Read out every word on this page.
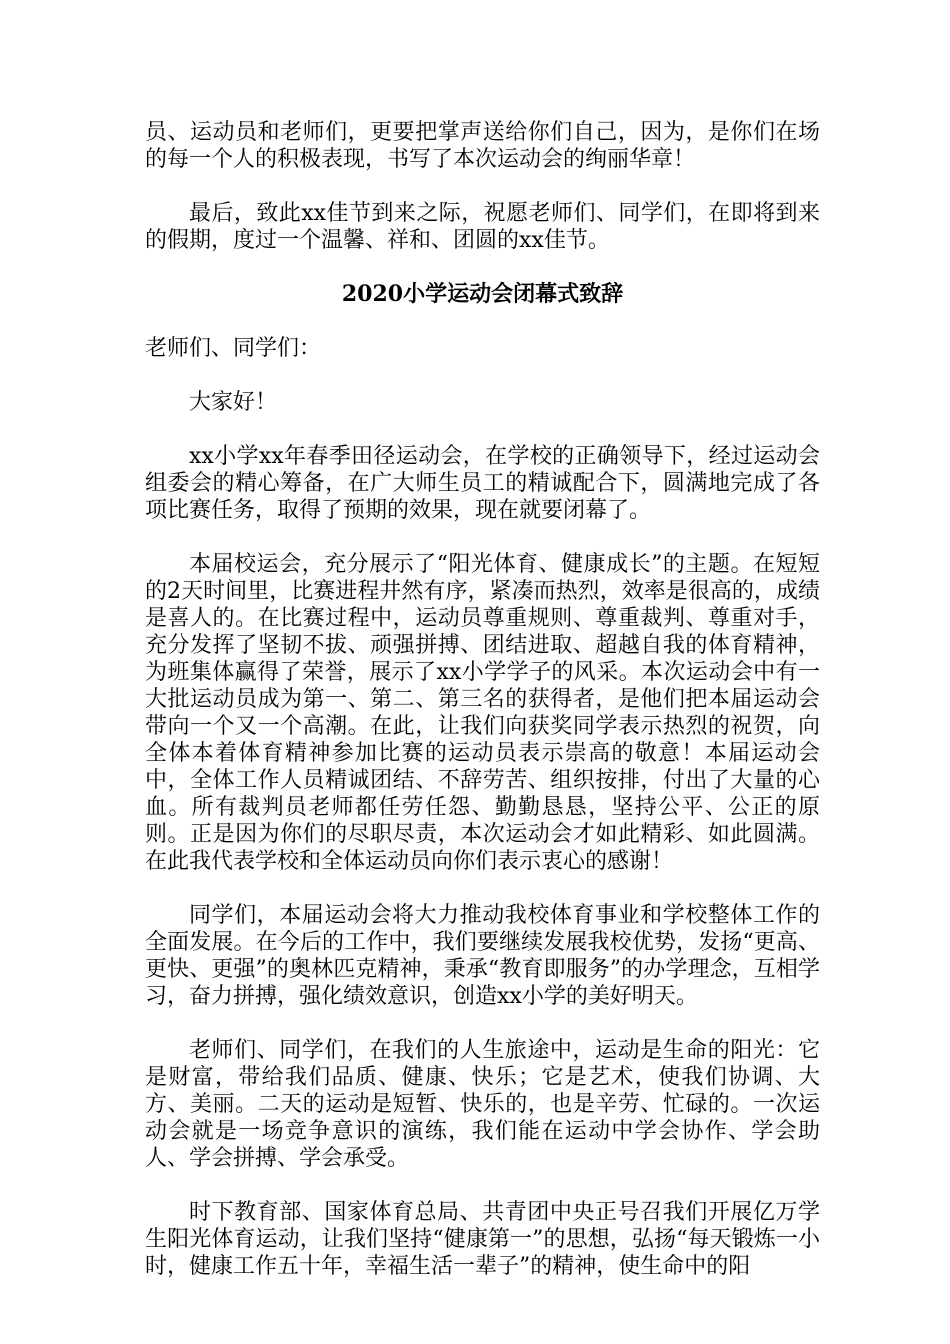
员、运动员和老师们，更要把掌声送给你们自己，因为，是你们在场的每一个人的积极表现，书写了本次运动会的绚丽华章！

最后，致此xx佳节到来之际，祝愿老师们、同学们，在即将到来的假期，度过一个温馨、祥和、团圆的xx佳节。

2020小学运动会闭幕式致辞

老师们、同学们：

大家好！

xx小学xx年春季田径运动会，在学校的正确领导下，经过运动会组委会的精心筹备，在广大师生员工的精诚配合下，圆满地完成了各项比赛任务，取得了预期的效果，现在就要闭幕了。

本届校运会，充分展示了“阳光体育、健康成长”的主题。在短短的2天时间里，比赛进程井然有序，紧凑而热烈，效率是很高的，成绩是喜人的。在比赛过程中，运动员尊重规则、尊重裁判、尊重对手，充分发挥了坚韧不拔、顽强拼搏、团结进取、超越自我的体育精神，为班集体赢得了荣誉，展示了xx小学学子的风采。本次运动会中有一大批运动员成为第一、第二、第三名的获得者，是他们把本届运动会带向一个又一个高潮。在此，让我们向获奖同学表示热烈的祝贺，向全体本着体育精神参加比赛的运动员表示崇高的敬意！本届运动会中，全体工作人员精诚团结、不辞劳苦、组织按排，付出了大量的心血。所有裁判员老师都任劳任怨、勤勤恳恳，坚持公平、公正的原则。正是因为你们的尽职尽责，本次运动会才如此精彩、如此圆满。在此我代表学校和全体运动员向你们表示衷心的感谢！

同学们，本届运动会将大力推动我校体育事业和学校整体工作的全面发展。在今后的工作中，我们要继续发展我校优势，发扬“更高、更快、更强”的奥林匹克精神，秉承“教育即服务”的办学理念，互相学习，奋力拼搏，强化绩效意识，创造xx小学的美好明天。

老师们、同学们，在我们的人生旅途中，运动是生命的阳光：它是财富，带给我们品质、健康、快乐；它是艺术，使我们协调、大方、美丽。二天的运动是短暂、快乐的，也是辛劳、忙碌的。一次运动会就是一场竞争意识的演练，我们能在运动中学会协作、学会助人、学会拼搏、学会承受。

时下教育部、国家体育总局、共青团中央正号召我们开展亿万学生阳光体育运动，让我们坚持“健康第一”的思想，弘扬“每天锻炼一小时，健康工作五十年，幸福生活一辈子”的精神，使生命中的阳
